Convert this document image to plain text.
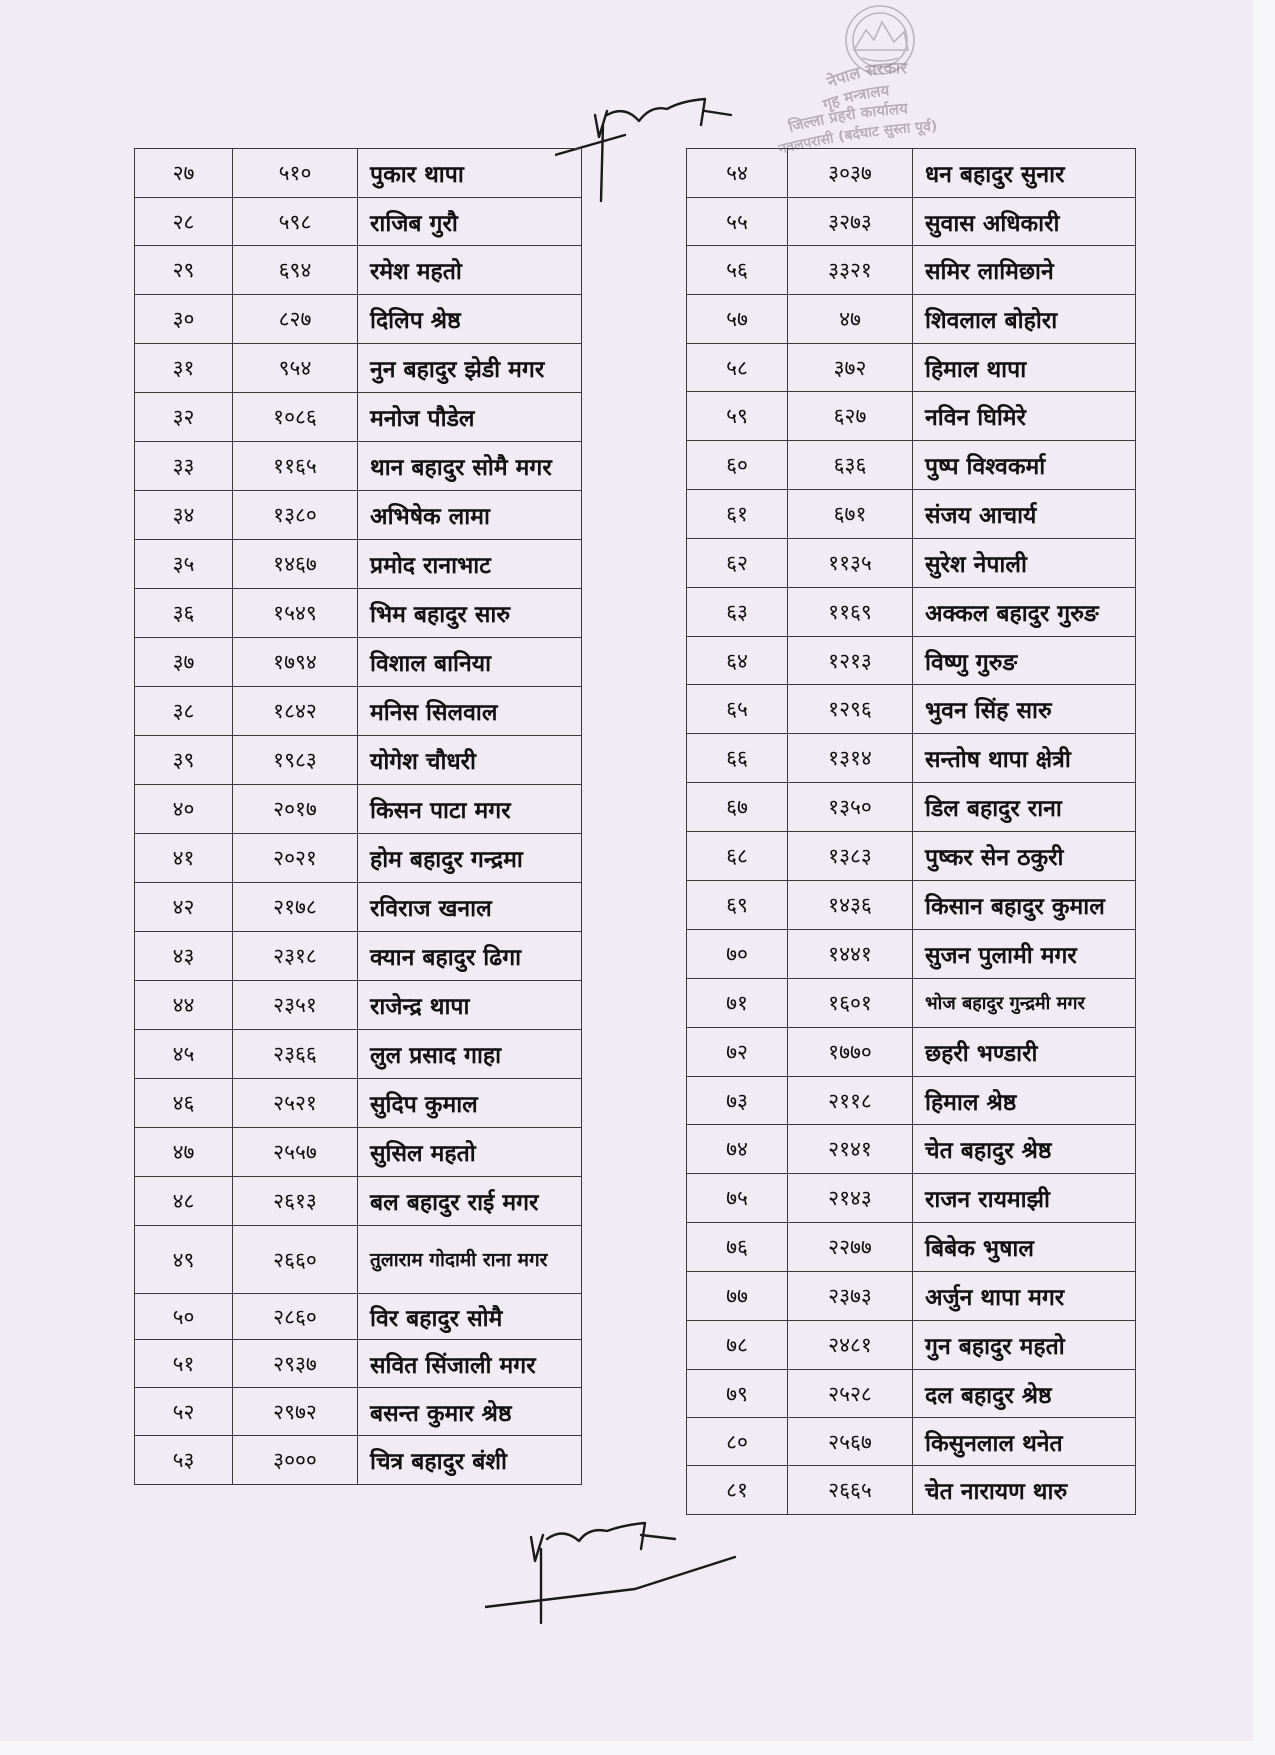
नेपाल सरकार
गृह मन्त्रालय
जिल्ला प्रहरी कार्यालय
नवलपरासी (बर्दघाट सुस्ता पूर्व)
२७	५१०	पुकार थापा
२८	५९८	राजिब गुरौ
२९	६९४	रमेश महतो
३०	८२७	दिलिप श्रेष्ठ
३१	९५४	नुन बहादुर झेडी मगर
३२	१०८६	मनोज पौडेल
३३	११६५	थान बहादुर सोमै मगर
३४	१३८०	अभिषेक लामा
३५	१४६७	प्रमोद रानाभाट
३६	१५४९	भिम बहादुर सारु
३७	१७९४	विशाल बानिया
३८	१८४२	मनिस सिलवाल
३९	१९८३	योगेश चौधरी
४०	२०१७	किसन पाटा मगर
४१	२०२१	होम बहादुर गन्द्रमा
४२	२१७८	रविराज खनाल
४३	२३१८	क्यान बहादुर ढिगा
४४	२३५१	राजेन्द्र थापा
४५	२३६६	लुल प्रसाद गाहा
४६	२५२१	सुदिप कुमाल
४७	२५५७	सुसिल महतो
४८	२६१३	बल बहादुर राई मगर
४९	२६६०	तुलाराम गोदामी राना मगर
५०	२८६०	विर बहादुर सोमै
५१	२९३७	सवित सिंजाली मगर
५२	२९७२	बसन्त कुमार श्रेष्ठ
५३	३०००	चित्र बहादुर बंशी
५४	३०३७	धन बहादुर सुनार
५५	३२७३	सुवास अधिकारी
५६	३३२१	समिर लामिछाने
५७	४७	शिवलाल बोहोरा
५८	३७२	हिमाल थापा
५९	६२७	नविन घिमिरे
६०	६३६	पुष्प विश्वकर्मा
६१	६७१	संजय आचार्य
६२	११३५	सुरेश नेपाली
६३	११६९	अक्कल बहादुर गुरुङ
६४	१२१३	विष्णु गुरुङ
६५	१२९६	भुवन सिंह सारु
६६	१३१४	सन्तोष थापा क्षेत्री
६७	१३५०	डिल बहादुर राना
६८	१३८३	पुष्कर सेन ठकुरी
६९	१४३६	किसान बहादुर कुमाल
७०	१४४१	सुजन पुलामी मगर
७१	१६०१	भोज बहादुर गुन्द्रमी मगर
७२	१७७०	छहरी भण्डारी
७३	२११८	हिमाल श्रेष्ठ
७४	२१४१	चेत बहादुर श्रेष्ठ
७५	२१४३	राजन रायमाझी
७६	२२७७	बिबेक भुषाल
७७	२३७३	अर्जुन थापा मगर
७८	२४८१	गुन बहादुर महतो
७९	२५२८	दल बहादुर श्रेष्ठ
८०	२५६७	किसुनलाल थनेत
८१	२६६५	चेत नारायण थारु
